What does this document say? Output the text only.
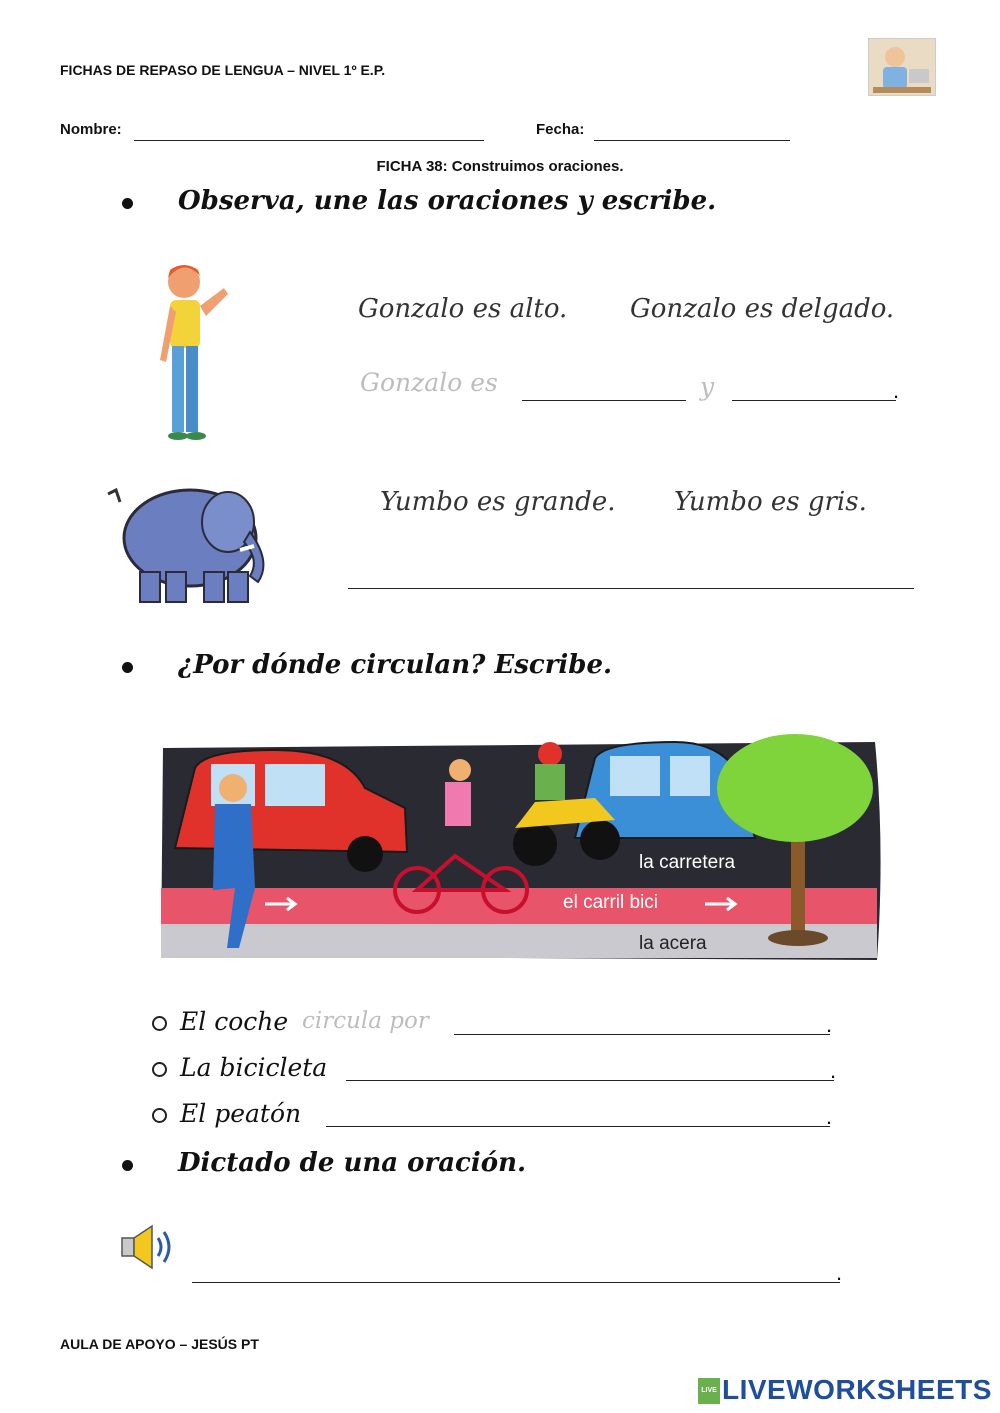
FICHAS DE REPASO DE LENGUA – NIVEL 1º E.P.
Nombre:	Fecha:
FICHA 38: Construimos oraciones.
Observa, une las oraciones y escribe.
Gonzalo es alto. Gonzalo es delgado.
Gonzalo es	y	.
Yumbo es grande. Yumbo es gris.
¿Por dónde circulan? Escribe.
la carretera
el carril bici
la acera
El coche circula por	.
La bicicleta	.
El peatón	.
Dictado de una oración.
.
AULA DE APOYO – JESÚS PT
LIVE LIVEWORKSHEETS
